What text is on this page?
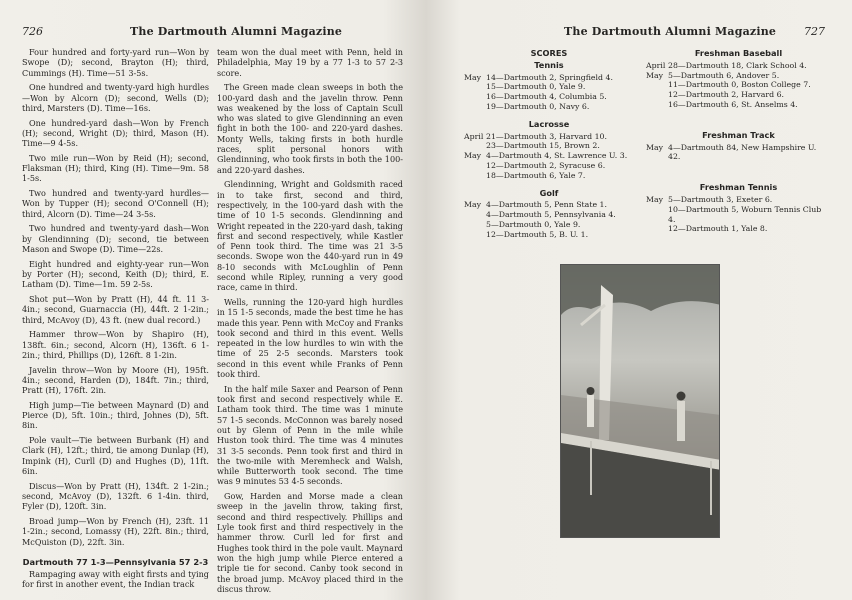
726	The Dartmouth Alumni Magazine

Four hundred and forty-yard run—Won by Swope (D); second, Brayton (H); third, Cummings (H). Time—51 3-5s.

One hundred and twenty-yard high hurdles—Won by Alcorn (D); second, Wells (D); third, Marsters (D). Time—16s.

One hundred-yard dash—Won by French (H); second, Wright (D); third, Mason (H). Time—9 4-5s.

Two mile run—Won by Reid (H); second, Flaksman (H); third, King (H). Time—9m. 58 1-5s.

Two hundred and twenty-yard hurdles—Won by Tupper (H); second O'Connell (H); third, Alcorn (D). Time—24 3-5s.

Two hundred and twenty-yard dash—Won by Glendinning (D); second, tie between Mason and Swope (D). Time—22s.

Eight hundred and eighty-year run—Won by Porter (H); second, Keith (D); third, E. Latham (D). Time—1m. 59 2-5s.

Shot put—Won by Pratt (H), 44 ft. 11 3-4in.; second, Guarnaccia (H), 44ft. 2 1-2in.; third, McAvoy (D), 43 ft. (new dual record.)

Hammer throw—Won by Shapiro (H), 138ft. 6in.; second, Alcorn (H), 136ft. 6 1-2in.; third, Phillips (D), 126ft. 8 1-2in.

Javelin throw—Won by Moore (H), 195ft. 4in.; second, Harden (D), 184ft. 7in.; third, Pratt (H), 176ft. 2in.

High jump—Tie between Maynard (D) and Pierce (D), 5ft. 10in.; third, Johnes (D), 5ft. 8in.

Pole vault—Tie between Burbank (H) and Clark (H), 12ft.; third, tie among Dunlap (H), Impink (H), Curll (D) and Hughes (D), 11ft. 6in.

Discus—Won by Pratt (H), 134ft. 2 1-2in.; second, McAvoy (D), 132ft. 6 1-4in. third, Fyler (D), 120ft. 3in.

Broad jump—Won by French (H), 23ft. 11 1-2in.; second, Lomassy (H), 22ft. 8in.; third, McQuiston (D), 22ft. 3in.

Dartmouth 77 1-3—Pennsylvania 57 2-3

Rampaging away with eight firsts and tying for first in another event, the Indian track

team won the dual meet with Penn, held in Philadelphia, May 19 by a 77 1-3 to 57 2-3 score.

The Green made clean sweeps in both the 100-yard dash and the javelin throw. Penn was weakened by the loss of Captain Scull who was slated to give Glendinning an even fight in both the 100- and 220-yard dashes. Monty Wells, taking firsts in both hurdle races, split personal honors with Glendinning, who took firsts in both the 100- and 220-yard dashes.

Glendinning, Wright and Goldsmith raced in to take first, second and third, respectively, in the 100-yard dash with the time of 10 1-5 seconds. Glendinning and Wright repeated in the 220-yard dash, taking first and second respectively, while Kastler of Penn took third. The time was 21 3-5 seconds. Swope won the 440-yard run in 49 8-10 seconds with McLoughlin of Penn second while Ripley, running a very good race, came in third.

Wells, running the 120-yard high hurdles in 15 1-5 seconds, made the best time he has made this year. Penn with McCoy and Franks took second and third in this event. Wells repeated in the low hurdles to win with the time of 25 2-5 seconds. Marsters took second in this event while Franks of Penn took third.

In the half mile Saxer and Pearson of Penn took first and second respectively while E. Latham took third. The time was 1 minute 57 1-5 seconds. McConnon was barely nosed out by Glenn of Penn in the mile while Huston took third. The time was 4 minutes 31 3-5 seconds. Penn took first and third in the two-mile with Meremheck and Walsh, while Butterworth took second. The time was 9 minutes 53 4-5 seconds.

Gow, Harden and Morse made a clean sweep in the javelin throw, taking first, second and third respectively. Phillips and Lyle took first and third respectively in the hammer throw. Curll led for first and Hughes took third in the pole vault. Maynard won the high jump while Pierce entered a triple tie for second. Canby took second in the broad jump. McAvoy placed third in the discus throw.

The Dartmouth Alumni Magazine	727
SCORES
Tennis
May 14—Dartmouth 2, Springfield 4.
15—Dartmouth 0, Yale 9.
16—Dartmouth 4, Columbia 5.
19—Dartmouth 0, Navy 6.
Lacrosse
April 21—Dartmouth 3, Harvard 10.
23—Dartmouth 15, Brown 2.
May 4—Dartmouth 4, St. Lawrence U. 3.
12—Dartmouth 2, Syracuse 6.
18—Dartmouth 6, Yale 7.
Golf
May 4—Dartmouth 5, Penn State 1.
4—Dartmouth 5, Pennsylvania 4.
5—Dartmouth 0, Yale 9.
12—Dartmouth 5, B. U. 1.
Freshman Baseball
April 28—Dartmouth 18, Clark School 4.
May 5—Dartmouth 6, Andover 5.
11—Dartmouth 0, Boston College 7.
12—Dartmouth 2, Harvard 6.
16—Dartmouth 6, St. Anselms 4.
Freshman Track
May 4—Dartmouth 84, New Hampshire U. 42.
Freshman Tennis
May 5—Dartmouth 3, Exeter 6.
10—Dartmouth 5, Woburn Tennis Club 4.
12—Dartmouth 1, Yale 8.
